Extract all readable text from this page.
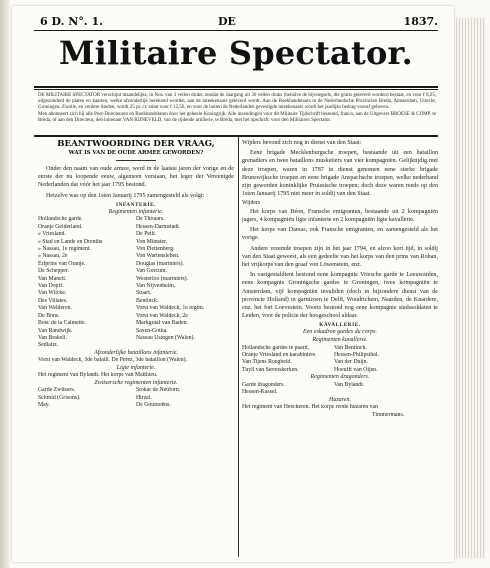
6 D. N°. 1.	DE	1837.
Militaire Spectator.

DE MILITAIRE SPECTATOR verschijnt maandelijks, in Nos. van 3 vellen druks; zoodat de Jaargang uit 36 vellen druks (behalve de bijvoegsels, die gratis geleverd worden) bestaat, en voor f 6,25, uitgezonderd de platen en kaarten, welke afzonderlijk berekend worden, aan de inteekenaars geleverd wordt. Aan de Boekhandelaars in de Nederlandsche Provincien Breda, Amsterdam, Utrecht, Groningen, Zwolle, en verdere Steden, wordt 25 pr. ct. rabat voor f 12,50, en voor de buiten de Nederlanden gevestigde inteekenaars wordt het jaarlijks bedrag vooraf geheven.

Men abonneert zich bij alle Post-Directeuren en Boekhandelaren door het geheele Koningrijk. Alle inzendingen voor dit Militaire Tijdschrift bestemd, franco, aan de Uitgevers BROESE & COMP. te Breda, of aan den Directeur, den luitenant VAN RIJNEVELD, van de rijdende artillerie, te Breda, met het opschrift: voor den Militairen Spectator.

BEANTWOORDING DER VRAAG,
WAT IS VAN DE OUDE ARMEE GEWORDEN?

Onder den naam van oude armee, werd in de laatste jaren der vorige en de eerste der nu loopende eeuw, algemeen verstaan, het leger der Vereenigde Nederlanden dat vóór het jaar 1795 bestond.

Hetzelve was op den 1sten Januarij 1795 zamengesteld als volgt:

INFANTERIE.
Regimenten infanterie.
Hollandsche garde.	De Thouars.
Oranje Gelderland.	Hessen-Darmstadt.
» Vriesland.	De Petit.
» Stad en Lande en Drenthe	Von Münster.
» Nassau, 1e regiment.	Von Plettenberg.
» Nassau, 2e	Von Wartensleben.
Erfprins van Oranje.	Douglas (mariniers).
De Schepper.	Van Gorcum.
Van Maneil.	Westerloo (mariniers).
Van Dopff.	Van Nijvenheim.
Van Wilcke.	Stuart.
Des Villates.	Bentinck.
Van Welderen.	Vorst van Waldeck, 1e regim.
De Bons.	Vorst van Waldeck, 2e
Bosc de la Calmette.	Markgraaf van Baden.
Van Randwijk.	Saxen-Gotha.
Van Brakell.	Nassau Usingen (Walen).
Sedlaitz.
Afzonderlijke bataillons infanterie.
Vorst van Waldeck, 3de bataill. De Perez, 3de bataillon (Walen).
Ligte infanterie.
Het regiment van Bylandt. Het korps van Matthieu.
Zwitsersche regimenten infanterie.
Garde Zwitsers.	Stokar de Neuforn.
Schmid (Grisons).	Hirzel.
May.	De Goumoëns.

Wijders bevond zich nog in dienst van den Staat:

Eene brigade Mecklenburgsche troepen, bestaande uit een bataillon grenadiers en twee bataillons musketiers van vier kompagniën. Gelijktijdig met deze troepen, waren in 1787 in dienst genomen eene sterke brigade Brunswijksche troepen en eene brigade Anspachsche troepen, welke nederhand zijn geworden koninklijke Pruissische troepen; doch deze waren reeds op den 1sten Januarij 1795 niet meer in soldij van den Staat.

Wijders

Het korps van Béon, Fransche emigranten, bestaande uit 2 kompagniën jagers, 4 kompagniën ligte infanterie en 2 kompagniën ligte kavallerie.

Het korps van Damas, ook Fransche emigranten, en zamengesteld als het vorige.

Andere vreemde troepen zijn in het jaar 1794, en alzoo kort tijd, in soldij van den Staat geweest, als een gedeelte van het korps van den prins van Rohan, het vrijkorps van den graaf von Löwenstein, enz.

In vastgestaldient bestond eene kompagnie Vriesche garde te Leeuwarden, eene kompagnie Groningsche gardes te Groningen, twee kompagniën te Amsterdam, vijf kompagniën invaliden (doch in bijzondere dienst van de provincie Holland) in garnizoen te Delft, Woudrichem, Naarden, de Knardere, enz. het fort Loevestein. Voorts bestond nog eene kompagnie stadssoldaten te Leiden, voor de policie der hoogeschool aldaar.

KAVALLERIE.
Een eskadron gardes du corps.
Regimenten kavallerie.
Hollandsche gardes te paard,	Van Bentinck.
Oranje Vriesland en karabiniers	Hessen-Philipsthal.
Van Tijens Roegbeld.	Van der Duijn.
Tuyll van Serooskerken.	Hoeufft van Oijen.
Regimenten dragonders.
Garde dragonders.	Van Bylandt.
Hessen-Kassel.
Huzaren.
Het regiment van Heeckeren. Het korps reode huzaren van
Timmermans.
